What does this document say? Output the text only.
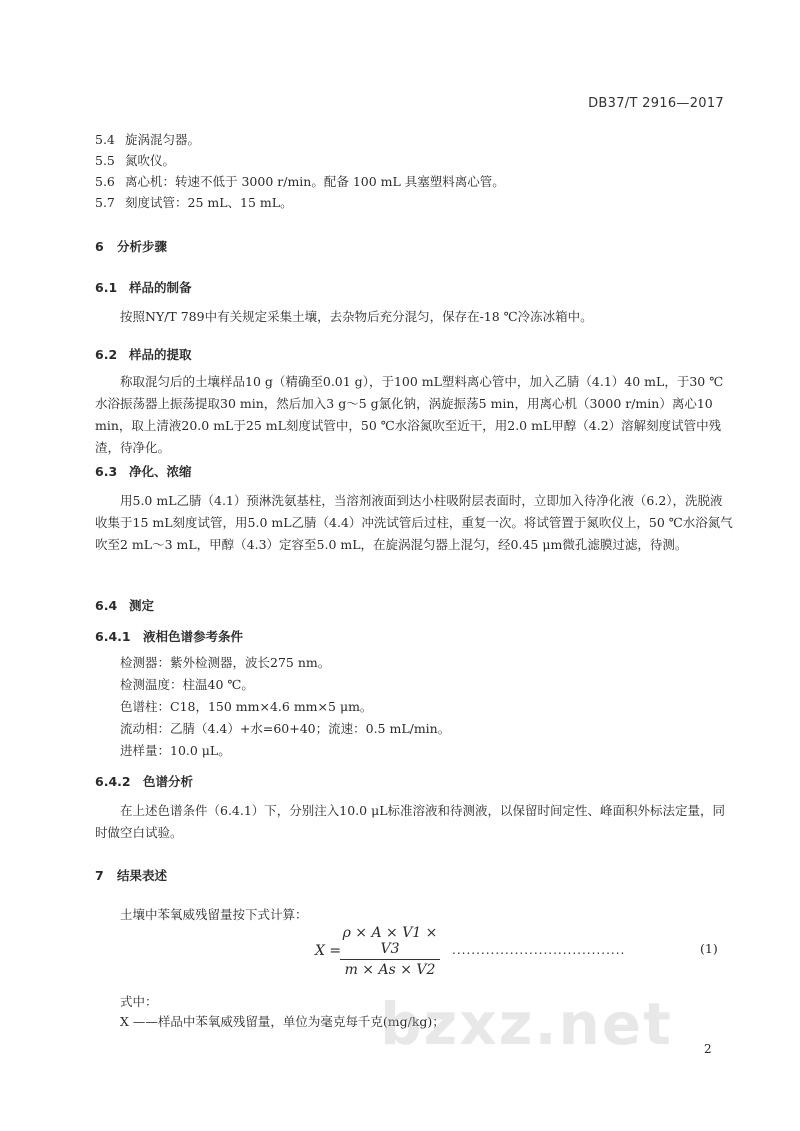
DB37/T 2916—2017
5.4 旋涡混匀器。
5.5 氮吹仪。
5.6 离心机：转速不低于 3000 r/min。配备 100 mL 具塞塑料离心管。
5.7 刻度试管：25 mL、15 mL。
6 分析步骤
6.1 样品的制备
按照NY/T 789中有关规定采集土壤，去杂物后充分混匀，保存在-18 ℃冷冻冰箱中。
6.2 样品的提取
称取混匀后的土壤样品10 g（精确至0.01 g），于100 mL塑料离心管中，加入乙腈（4.1）40 mL，于30 ℃水浴振荡器上振荡提取30 min，然后加入3 g～5 g氯化钠，涡旋振荡5 min，用离心机（3000 r/min）离心10 min，取上清液20.0 mL于25 mL刻度试管中，50 ℃水浴氮吹至近干，用2.0 mL甲醇（4.2）溶解刻度试管中残渣，待净化。
6.3 净化、浓缩
用5.0 mL乙腈（4.1）预淋洗氨基柱，当溶剂液面到达小柱吸附层表面时，立即加入待净化液（6.2），洗脱液收集于15 mL刻度试管，用5.0 mL乙腈（4.4）冲洗试管后过柱，重复一次。将试管置于氮吹仪上，50 ℃水浴氮气吹至2 mL～3 mL，甲醇（4.3）定容至5.0 mL，在旋涡混匀器上混匀，经0.45 μm微孔滤膜过滤，待测。
6.4 测定
6.4.1 液相色谱参考条件
检测器：紫外检测器，波长275 nm。
检测温度：柱温40 ℃。
色谱柱：C18，150 mm×4.6 mm×5 μm。
流动相：乙腈（4.4）+水=60+40；流速：0.5 mL/min。
进样量：10.0 μL。
6.4.2 色谱分析
在上述色谱条件（6.4.1）下，分别注入10.0 μL标准溶液和待测液，以保留时间定性、峰面积外标法定量，同时做空白试验。
7 结果表述
土壤中苯氧威残留量按下式计算：
X =
ρ × A × V1 × V3
m × As × V2
....................................	(1)
式中：
X ——样品中苯氧威残留量，单位为毫克每千克(mg/kg)；
bzxz.net	2
